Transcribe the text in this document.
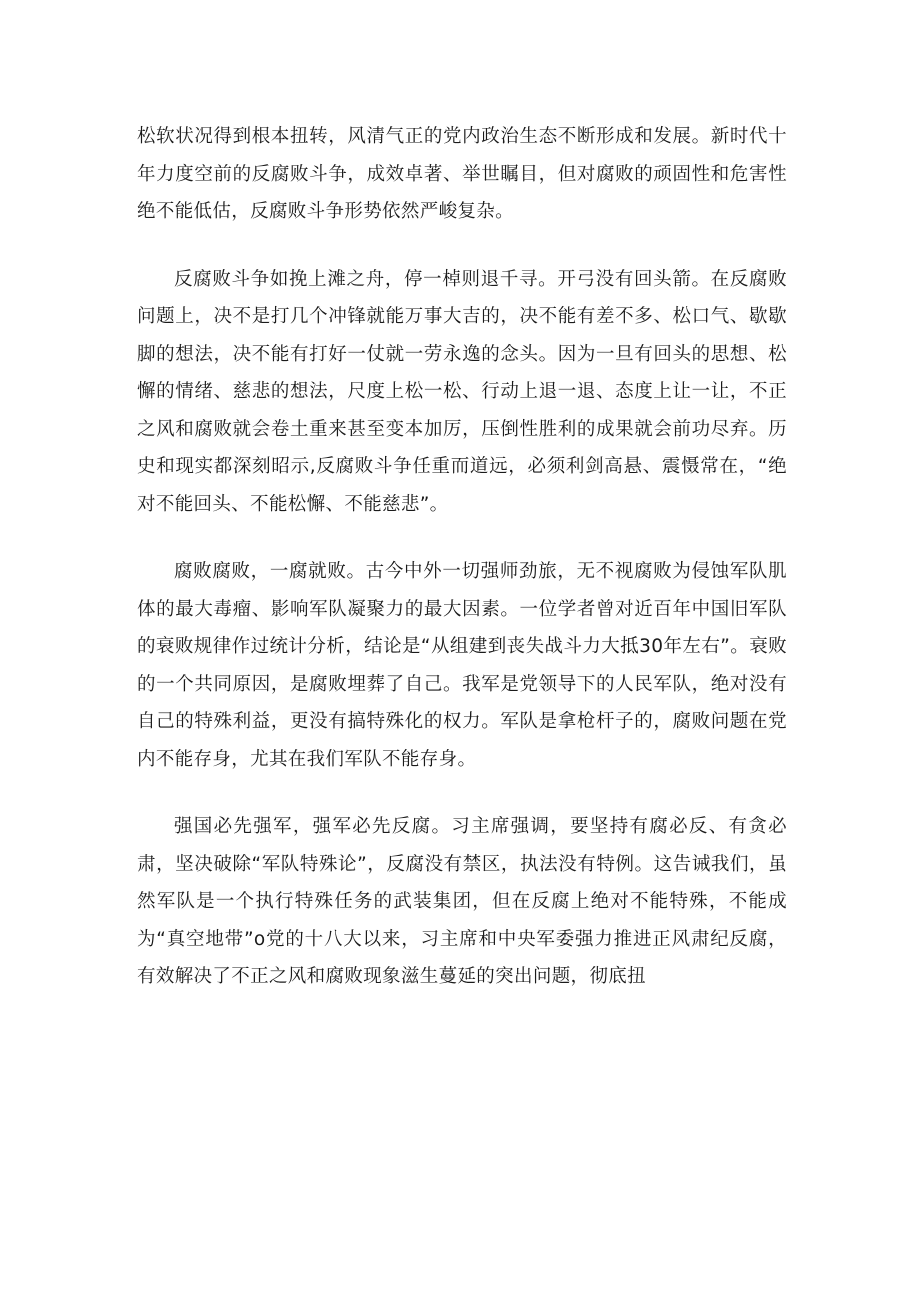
松软状况得到根本扭转，风清气正的党内政治生态不断形成和发展。新时代十年力度空前的反腐败斗争，成效卓著、举世瞩目，但对腐败的顽固性和危害性绝不能低估，反腐败斗争形势依然严峻复杂。

反腐败斗争如挽上滩之舟，停一棹则退千寻。开弓没有回头箭。在反腐败问题上，决不是打几个冲锋就能万事大吉的，决不能有差不多、松口气、歇歇脚的想法，决不能有打好一仗就一劳永逸的念头。因为一旦有回头的思想、松懈的情绪、慈悲的想法，尺度上松一松、行动上退一退、态度上让一让，不正之风和腐败就会卷土重来甚至变本加厉，压倒性胜利的成果就会前功尽弃。历史和现实都深刻昭示,反腐败斗争任重而道远，必须利剑高悬、震慑常在，“绝对不能回头、不能松懈、不能慈悲”。

腐败腐败，一腐就败。古今中外一切强师劲旅，无不视腐败为侵蚀军队肌体的最大毒瘤、影响军队凝聚力的最大因素。一位学者曾对近百年中国旧军队的衰败规律作过统计分析，结论是“从组建到丧失战斗力大抵30年左右”。衰败的一个共同原因，是腐败埋葬了自己。我军是党领导下的人民军队，绝对没有自己的特殊利益，更没有搞特殊化的权力。军队是拿枪杆子的，腐败问题在党内不能存身，尤其在我们军队不能存身。

强国必先强军，强军必先反腐。习主席强调，要坚持有腐必反、有贪必肃，坚决破除“军队特殊论”，反腐没有禁区，执法没有特例。这告诫我们，虽然军队是一个执行特殊任务的武装集团，但在反腐上绝对不能特殊，不能成为“真空地带”o党的十八大以来，习主席和中央军委强力推进正风肃纪反腐，有效解决了不正之风和腐败现象滋生蔓延的突出问题，彻底扭
